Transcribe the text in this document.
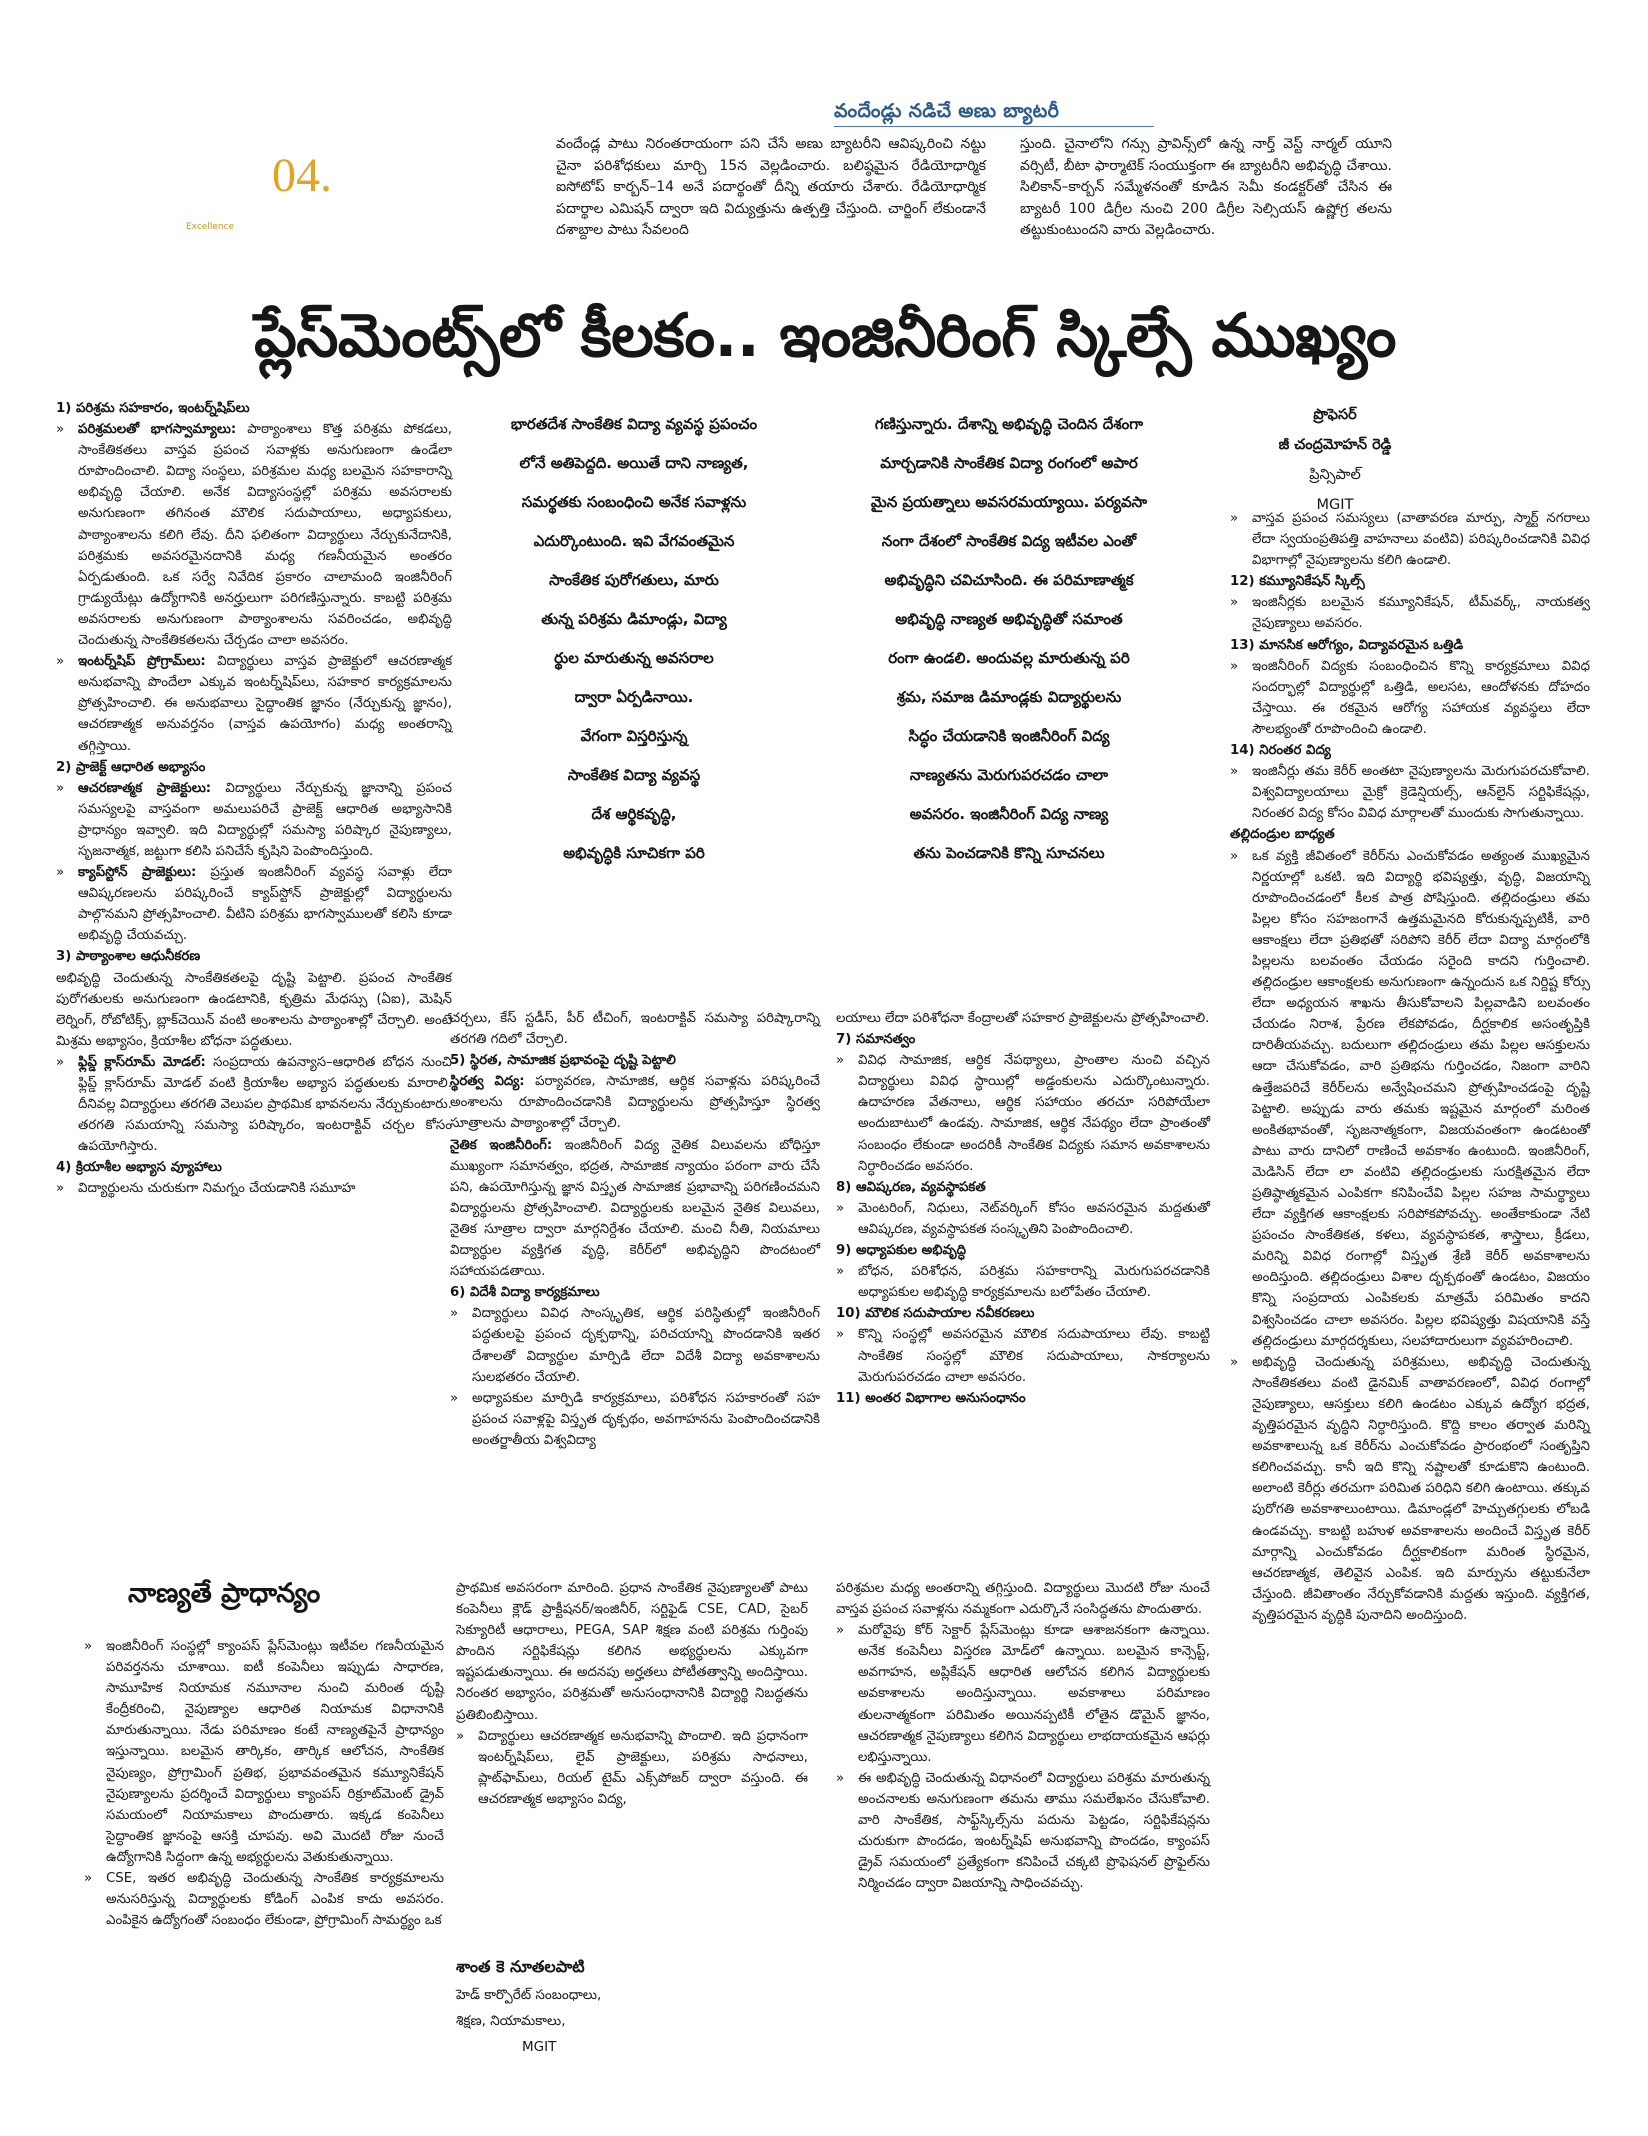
04.
Excellence
వందేండ్లు నడిచే అణు బ్యాటరీ
వందేండ్ల పాటు నిరంతరాయంగా పని చేసే అణు బ్యాటరీని ఆవిష్కరించి నట్టు చైనా పరిశోధకులు మార్చి 15న వెల్లడించారు. బలిష్ఠమైన రేడియోధార్మిక ఐసోటోప్ కార్బన్–14 అనే పదార్థంతో దీన్ని తయారు చేశారు. రేడియోధార్మిక పదార్థాల ఎమిషన్ ద్వారా ఇది విద్యుత్తును ఉత్పత్తి చేస్తుంది. చార్జింగ్ లేకుండానే దశాబ్దాల పాటు సేవలంది
స్తుంది. చైనాలోని గన్సు ప్రావిన్స్‌లో ఉన్న నార్త్ వెస్ట్ నార్మల్ యూని వర్సిటీ, బీటా ఫార్మాటెక్ సంయుక్తంగా ఈ బ్యాటరీని అభివృద్ధి చేశాయి. సిలికాన్–కార్బన్ సమ్మేళనంతో కూడిన సెమీ కండక్టర్‌తో చేసిన ఈ బ్యాటరీ 100 డిగ్రీల నుంచి 200 డిగ్రీల సెల్సియస్ ఉష్ణోగ్ర తలను తట్టుకుంటుందని వారు వెల్లడించారు.
ప్లేస్‌మెంట్స్‌లో కీలకం.. ఇంజినీరింగ్ స్కిల్సే ముఖ్యం

1) పరిశ్రమ సహకారం, ఇంటర్న్‌షిప్‌లు

»పరిశ్రమలతో భాగస్వామ్యాలు: పాఠ్యాంశాలు కొత్త పరిశ్రమ పోకడలు, సాంకేతికతలు వాస్తవ ప్రపంచ సవాళ్లకు అనుగుణంగా ఉండేలా రూపొందించాలి. విద్యా సంస్థలు, పరిశ్రమల మధ్య బలమైన సహకారాన్ని అభివృద్ధి చేయాలి. అనేక విద్యాసంస్థల్లో పరిశ్రమ అవసరాలకు అనుగుణంగా తగినంత మౌలిక సదుపాయాలు, అధ్యాపకులు, పాఠ్యాంశాలను కలిగి లేవు. దీని ఫలితంగా విద్యార్థులు నేర్చుకునేదానికి, పరిశ్రమకు అవసరమైనదానికి మధ్య గణనీయమైన అంతరం ఏర్పడుతుంది. ఒక సర్వే నివేదిక ప్రకారం చాలామంది ఇంజినీరింగ్ గ్రాడ్యుయేట్లు ఉద్యోగానికి అనర్హులుగా పరిగణిస్తున్నారు. కాబట్టి పరిశ్రమ అవసరాలకు అనుగుణంగా పాఠ్యాంశాలను సవరించడం, అభివృద్ధి చెందుతున్న సాంకేతికతలను చేర్చడం చాలా అవసరం.

»ఇంటర్న్‌షిప్ ప్రోగ్రామ్‌లు: విద్యార్థులు వాస్తవ ప్రాజెక్టులో ఆచరణాత్మక అనుభవాన్ని పొందేలా ఎక్కువ ఇంటర్న్‌షిప్‌లు, సహకార కార్యక్రమాలను ప్రోత్సహించాలి. ఈ అనుభవాలు సైద్ధాంతిక జ్ఞానం (నేర్చుకున్న జ్ఞానం), ఆచరణాత్మక అనువర్తనం (వాస్తవ ఉపయోగం) మధ్య అంతరాన్ని తగ్గిస్తాయి.

2) ప్రాజెక్ట్ ఆధారిత అభ్యాసం

»ఆచరణాత్మక ప్రాజెక్టులు: విద్యార్థులు నేర్చుకున్న జ్ఞానాన్ని ప్రపంచ సమస్యలపై వాస్తవంగా అమలుపరిచే ప్రాజెక్ట్ ఆధారిత అభ్యాసానికి ప్రాధాన్యం ఇవ్వాలి. ఇది విద్యార్థుల్లో సమస్యా పరిష్కార నైపుణ్యాలు, సృజనాత్మక, జట్టుగా కలిసి పనిచేసే కృషిని పెంపొందిస్తుంది.

»క్యాప్‌స్టోన్ ప్రాజెక్టులు: ప్రస్తుత ఇంజినీరింగ్ వ్యవస్థ సవాళ్లు లేదా ఆవిష్కరణలను పరిష్కరించే క్యాప్‌స్టోన్ ప్రాజెక్టుల్లో విద్యార్థులను పాల్గొనమని ప్రోత్సహించాలి. వీటిని పరిశ్రమ భాగస్వాములతో కలిసి కూడా అభివృద్ధి చేయవచ్చు.

3) పాఠ్యాంశాల ఆధునీకరణ

అభివృద్ధి చెందుతున్న సాంకేతికతలపై దృష్టి పెట్టాలి. ప్రపంచ సాంకేతిక పురోగతులకు అనుగుణంగా ఉండటానికి, కృత్రిమ మేధస్సు (ఏఐ), మెషిన్ లెర్నింగ్, రోబోటిక్స్, బ్లాక్‌చెయిన్ వంటి అంశాలను పాఠ్యాంశాల్లో చేర్చాలి. అంటే మిశ్రమ అభ్యాసం, క్రియాశీల బోధనా పద్ధతులు.

»ఫ్లిప్డ్ క్లాస్‌రూమ్ మోడల్: సంప్రదాయ ఉపన్యాస–ఆధారిత బోధన నుంచి ఫ్లిప్డ్ క్లాస్‌రూమ్ మోడల్ వంటి క్రియాశీల అభ్యాస పద్ధతులకు మారాలి. దీనివల్ల విద్యార్థులు తరగతి వెలుపల ప్రాథమిక భావనలను నేర్చుకుంటారు. తరగతి సమయాన్ని సమస్యా పరిష్కారం, ఇంటరాక్టివ్ చర్చల కోసం ఉపయోగిస్తారు.

4) క్రియాశీల అభ్యాస వ్యూహాలు

»విద్యార్థులను చురుకుగా నిమగ్నం చేయడానికి సమూహ

భారతదేశ సాంకేతిక విద్యా వ్యవస్థ ప్రపంచం
లోనే అతిపెద్దది. అయితే దాని నాణ్యత,
సమర్థతకు సంబంధించి అనేక సవాళ్లను
ఎదుర్కొంటుంది. ఇవి వేగవంతమైన
సాంకేతిక పురోగతులు, మారు
తున్న పరిశ్రమ డిమాండ్లు, విద్యా
ర్థుల మారుతున్న అవసరాల
ద్వారా ఏర్పడినాయి.
వేగంగా విస్తరిస్తున్న
సాంకేతిక విద్యా వ్యవస్థ
దేశ ఆర్థికవృద్ధి,
అభివృద్ధికి సూచికగా పరి
గణిస్తున్నారు. దేశాన్ని అభివృద్ధి చెందిన దేశంగా
మార్చడానికి సాంకేతిక విద్యా రంగంలో అపార
మైన ప్రయత్నాలు అవసరమయ్యాయి. పర్యవసా
నంగా దేశంలో సాంకేతిక విద్య ఇటీవల ఎంతో
అభివృద్ధిని చవిచూసింది. ఈ పరిమాణాత్మక
అభివృద్ధి నాణ్యత అభివృద్ధితో సమాంత
రంగా ఉండలి. అందువల్ల మారుతున్న పరి
శ్రమ, సమాజ డిమాండ్లకు విద్యార్థులను
సిద్ధం చేయడానికి ఇంజినీరింగ్ విద్య
నాణ్యతను మెరుగుపరచడం చాలా
అవసరం. ఇంజినీరింగ్ విద్య నాణ్య
తను పెంచడానికి కొన్ని సూచనలు
ప్రొఫెసర్
జీ చంద్రమోహన్ రెడ్డి
ప్రిన్సిపాల్
MGIT

»వాస్తవ ప్రపంచ సమస్యలు (వాతావరణ మార్పు, స్మార్ట్ నగరాలు లేదా స్వయంప్రతిపత్తి వాహనాలు వంటివి) పరిష్కరించడానికి వివిధ విభాగాల్లో నైపుణ్యాలను కలిగి ఉండాలి.

12) కమ్యూనికేషన్ స్కిల్స్

»ఇంజినీర్లకు బలమైన కమ్యూనికేషన్, టీమ్‌వర్క్, నాయకత్వ నైపుణ్యాలు అవసరం.

13) మానసిక ఆరోగ్యం, విద్యావరమైన ఒత్తిడి

»ఇంజినీరింగ్ విద్యకు సంబంధించిన కొన్ని కార్యక్రమాలు వివిధ సందర్భాల్లో విద్యార్థుల్లో ఒత్తిడి, అలసట, ఆందోళనకు దోహదం చేస్తాయి. ఈ రకమైన ఆరోగ్య సహాయక వ్యవస్థలు లేదా సౌలభ్యంతో రూపొందించి ఉండాలి.

14) నిరంతర విద్య

»ఇంజినీర్లు తమ కెరీర్ అంతటా నైపుణ్యాలను మెరుగుపరచుకోవాలి. విశ్వవిద్యాలయాలు మైక్రో క్రెడెన్షియల్స్, ఆన్‌లైన్ సర్టిఫికేషన్లు, నిరంతర విద్య కోసం వివిధ మార్గాలతో ముందుకు సాగుతున్నాయి.

తల్లిదండ్రుల బాధ్యత

»ఒక వ్యక్తి జీవితంలో కెరీర్‌ను ఎంచుకోవడం అత్యంత ముఖ్యమైన నిర్ణయాల్లో ఒకటి. ఇది విద్యార్థి భవిష్యత్తు, వృద్ధి, విజయాన్ని రూపొందించడంలో కీలక పాత్ర పోషిస్తుంది. తల్లిదండ్రులు తమ పిల్లల కోసం సహజంగానే ఉత్తమమైనది కోరుకున్నప్పటికీ, వారి ఆకాంక్షలు లేదా ప్రతిభతో సరిపోని కెరీర్ లేదా విద్యా మార్గంలోకి పిల్లలను బలవంతం చేయడం సరైంది కాదని గుర్తించాలి. తల్లిదండ్రుల ఆకాంక్షలకు అనుగుణంగా ఉన్నందున ఒక నిర్దిష్ట కోర్సు లేదా అధ్యయన శాఖను తీసుకోవాలని పిల్లవాడిని బలవంతం చేయడం నిరాశ, ప్రేరణ లేకపోవడం, దీర్ఘకాలిక అసంతృప్తికి దారితీయవచ్చు. బదులుగా తల్లిదండ్రులు తమ పిల్లల ఆసక్తులను ఆదా చేసుకోవడం, వారి ప్రతిభను గుర్తించడం, నిజంగా వారిని ఉత్తేజపరిచే కెరీర్‌లను అన్వేషించమని ప్రోత్సహించడంపై దృష్టి పెట్టాలి. అప్పుడు వారు తమకు ఇష్టమైన మార్గంలో మరింత అంకితభావంతో, సృజనాత్మకంగా, విజయవంతంగా ఉండటంతో పాటు వారు దానిలో రాణించే అవకాశం ఉంటుంది. ఇంజినీరింగ్, మెడిసిన్ లేదా లా వంటివి తల్లిదండ్రులకు సురక్షితమైన లేదా ప్రతిష్ఠాత్మకమైన ఎంపికగా కనిపించేవి పిల్లల సహజ సామర్థ్యాలు లేదా వ్యక్తిగత ఆకాంక్షలకు సరిపోకపోవచ్చు. అంతేకాకుండా నేటి ప్రపంచం సాంకేతికత, కళలు, వ్యవస్థాపకత, శాస్త్రాలు, క్రీడలు, మరిన్ని వివిధ రంగాల్లో విస్తృత శ్రేణి కెరీర్ అవకాశాలను అందిస్తుంది. తల్లిదండ్రులు విశాల దృక్పథంతో ఉండటం, విజయం కొన్ని సంప్రదాయ ఎంపికలకు మాత్రమే పరిమితం కాదని విశ్వసించడం చాలా అవసరం. పిల్లల భవిష్యత్తు విషయానికి వస్తే తల్లిదండ్రులు మార్గదర్శకులు, సలహాదారులుగా వ్యవహరించాలి.

»అభివృద్ధి చెందుతున్న పరిశ్రమలు, అభివృద్ధి చెందుతున్న సాంకేతికతలు వంటి డైనమిక్ వాతావరణంలో, వివిధ రంగాల్లో నైపుణ్యాలు, ఆసక్తులు కలిగి ఉండటం ఎక్కువ ఉద్యోగ భద్రత, వృత్తిపరమైన వృద్ధిని నిర్ధారిస్తుంది. కొద్ది కాలం తర్వాత మరిన్ని అవకాశాలున్న ఒక కెరీర్‌ను ఎంచుకోవడం ప్రారంభంలో సంతృప్తిని కలిగించవచ్చు. కానీ ఇది కొన్ని నష్టాలతో కూడుకొని ఉంటుంది. అలాంటి కెరీర్లు తరచుగా పరిమిత పరిధిని కలిగి ఉంటాయి. తక్కువ పురోగతి అవకాశాలుంటాయి. డిమాండ్లలో హెచ్చుతగ్గులకు లోబడి ఉండవచ్చు. కాబట్టి బహుళ అవకాశాలను అందించే విస్తృత కెరీర్ మార్గాన్ని ఎంచుకోవడం దీర్ఘకాలికంగా మరింత స్థిరమైన, ఆచరణాత్మక, తెలివైన ఎంపిక. ఇది మార్పును తట్టుకునేలా చేస్తుంది. జీవితాంతం నేర్చుకోవడానికి మద్దతు ఇస్తుంది. వ్యక్తిగత, వృత్తిపరమైన వృద్ధికి పునాదిని అందిస్తుంది.

చర్చలు, కేస్ స్టడీస్, పీర్ టీచింగ్, ఇంటరాక్టివ్ సమస్యా పరిష్కారాన్ని తరగతి గదిలో చేర్చాలి.

5) స్థిరత, సామాజిక ప్రభావంపై దృష్టి పెట్టాలి

స్థిరత్వ విద్య: పర్యావరణ, సామాజిక, ఆర్థిక సవాళ్లను పరిష్కరించే అంశాలను రూపొందించడానికి విద్యార్థులను ప్రోత్సహిస్తూ స్థిరత్వ సూత్రాలను పాఠ్యాంశాల్లో చేర్చాలి.

నైతిక ఇంజినీరింగ్: ఇంజినీరింగ్ విద్య నైతిక విలువలను బోధిస్తూ ముఖ్యంగా సమానత్వం, భద్రత, సామాజిక న్యాయం పరంగా వారు చేసే పని, ఉపయోగిస్తున్న జ్ఞాన విస్తృత సామాజిక ప్రభావాన్ని పరిగణించమని విద్యార్థులను ప్రోత్సహించాలి. విద్యార్థులకు బలమైన నైతిక విలువలు, నైతిక సూత్రాల ద్వారా మార్గనిర్దేశం చేయాలి. మంచి నీతి, నియమాలు విద్యార్థుల వ్యక్తిగత వృద్ధి, కెరీర్‌లో అభివృద్ధిని పొందటంలో సహాయపడతాయి.

6) విదేశీ విద్యా కార్యక్రమాలు

»విద్యార్థులు వివిధ సాంస్కృతిక, ఆర్థిక పరిస్థితుల్లో ఇంజినీరింగ్ పద్ధతులపై ప్రపంచ దృక్పథాన్ని, పరిచయాన్ని పొందడానికి ఇతర దేశాలతో విద్యార్థుల మార్పిడి లేదా విదేశీ విద్యా అవకాశాలను సులభతరం చేయాలి.

»అధ్యాపకుల మార్పిడి కార్యక్రమాలు, పరిశోధన సహకారంతో సహ ప్రపంచ సవాళ్లపై విస్తృత దృక్పథం, అవగాహనను పెంపొందించడానికి అంతర్జాతీయ విశ్వవిద్యా

లయాలు లేదా పరిశోధనా కేంద్రాలతో సహకార ప్రాజెక్టులను ప్రోత్సహించాలి.

7) సమానత్వం

»వివిధ సామాజిక, ఆర్థిక నేపథ్యాలు, ప్రాంతాల నుంచి వచ్చిన విద్యార్థులు వివిధ స్థాయిల్లో అడ్డంకులను ఎదుర్కొంటున్నారు. ఉదాహరణ వేతనాలు, ఆర్థిక సహాయం తరచూ సరిపోయేలా అందుబాటులో ఉండవు. సామాజిక, ఆర్థిక నేపథ్యం లేదా ప్రాంతంతో సంబంధం లేకుండా అందరికీ సాంకేతిక విద్యకు సమాన అవకాశాలను నిర్ధారించడం అవసరం.

8) ఆవిష్కరణ, వ్యవస్థాపకత

»మెంటరింగ్, నిధులు, నెట్‌వర్కింగ్ కోసం అవసరమైన మద్దతుతో ఆవిష్కరణ, వ్యవస్థాపకత సంస్కృతిని పెంపొందించాలి.

9) అధ్యాపకుల అభివృద్ధి

»బోధన, పరిశోధన, పరిశ్రమ సహకారాన్ని మెరుగుపరచడానికి అధ్యాపకుల అభివృద్ధి కార్యక్రమాలను బలోపేతం చేయాలి.

10) మౌలిక సదుపాయాల నవీకరణలు

»కొన్ని సంస్థల్లో అవసరమైన మౌలిక సదుపాయాలు లేవు. కాబట్టి సాంకేతిక సంస్థల్లో మౌలిక సదుపాయాలు, సాకర్యాలను మెరుగుపరచడం చాలా అవసరం.

11) అంతర విభాగాల అనుసంధానం

నాణ్యతే ప్రాధాన్యం

»ఇంజినీరింగ్ సంస్థల్లో క్యాంపస్ ప్లేస్‌మెంట్లు ఇటీవల గణనీయమైన పరివర్తనను చూశాయి. ఐటీ కంపెనీలు ఇప్పుడు సాధారణ, సామూహిక నియామక నమూనాల నుంచి మరింత దృష్టి కేంద్రీకరించి, నైపుణ్యాల ఆధారిత నియామక విధానానికి మారుతున్నాయి. నేడు పరిమాణం కంటే నాణ్యతపైనే ప్రాధాన్యం ఇస్తున్నాయి. బలమైన తార్కికం, తార్కిక ఆలోచన, సాంకేతిక నైపుణ్యం, ప్రోగ్రామింగ్ ప్రతిభ, ప్రభావవంతమైన కమ్యూనికేషన్ నైపుణ్యాలను ప్రదర్శించే విద్యార్థులు క్యాంపస్ రిక్రూట్‌మెంట్ డ్రైవ్ సమయంలో నియామకాలు పొందుతారు. ఇక్కడ కంపెనీలు సైద్ధాంతిక జ్ఞానంపై ఆసక్తి చూపవు. అవి మొదటి రోజు నుంచే ఉద్యోగానికి సిద్ధంగా ఉన్న అభ్యర్థులను వెతుకుతున్నాయి.

»CSE, ఇతర అభివృద్ధి చెందుతున్న సాంకేతిక కార్యక్రమాలను అనుసరిస్తున్న విద్యార్థులకు కోడింగ్ ఎంపిక కాదు అవసరం. ఎంపికైన ఉద్యోగంతో సంబంధం లేకుండా, ప్రోగ్రామింగ్ సామర్థ్యం ఒక

ప్రాథమిక అవసరంగా మారింది. ప్రధాన సాంకేతిక నైపుణ్యాలతో పాటు కంపెనీలు క్లౌడ్ ప్రాక్టీషనర్/ఇంజినీర్, సర్టిఫైడ్ CSE, CAD, సైబర్ సెక్యూరిటీ ఆధారాలు, PEGA, SAP శిక్షణ వంటి పరిశ్రమ గుర్తింపు పొందిన సర్టిఫికేషన్లు కలిగిన అభ్యర్థులను ఎక్కువగా ఇష్టపడుతున్నాయి. ఈ అదనపు అర్హతలు పోటీతత్వాన్ని అందిస్తాయి. నిరంతర అభ్యాసం, పరిశ్రమతో అనుసంధానానికి విద్యార్థి నిబద్ధతను ప్రతిబింబిస్తాయి.

»విద్యార్థులు ఆచరణాత్మక అనుభవాన్ని పొందాలి. ఇది ప్రధానంగా ఇంటర్న్‌షిప్‌లు, లైవ్ ప్రాజెక్టులు, పరిశ్రమ సాధనాలు, ప్లాట్‌ఫామ్‌లు, రియల్ టైమ్ ఎక్స్‌పోజర్ ద్వారా వస్తుంది. ఈ ఆచరణాత్మక అభ్యాసం విద్య,

శాంత కె నూతలపాటి
హెడ్ కార్పొరేట్ సంబంధాలు,
శిక్షణ, నియామకాలు,
MGIT

పరిశ్రమల మధ్య అంతరాన్ని తగ్గిస్తుంది. విద్యార్థులు మొదటి రోజు నుంచే వాస్తవ ప్రపంచ సవాళ్లను నమ్మకంగా ఎదుర్కొనే సంసిద్ధతను పొందుతారు.

»మరోవైపు కోర్ సెక్టార్ ప్లేస్‌మెంట్లు కూడా ఆశాజనకంగా ఉన్నాయి. అనేక కంపెనీలు విస్తరణ మోడ్‌లో ఉన్నాయి. బలమైన కాన్సెప్ట్, అవగాహన, అప్లికేషన్ ఆధారిత ఆలోచన కలిగిన విద్యార్థులకు అవకాశాలను అందిస్తున్నాయి. అవకాశాలు పరిమాణం తులనాత్మకంగా పరిమితం అయినప్పటికీ లోతైన డొమైన్ జ్ఞానం, ఆచరణాత్మక నైపుణ్యాలు కలిగిన విద్యార్థులు లాభదాయకమైన ఆఫర్లు లభిస్తున్నాయి.

»ఈ అభివృద్ధి చెందుతున్న విధానంలో విద్యార్థులు పరిశ్రమ మారుతున్న అంచనాలకు అనుగుణంగా తమను తాము సమలేఖనం చేసుకోవాలి. వారి సాంకేతిక, సాఫ్ట్‌స్కిల్స్‌ను పదును పెట్టడం, సర్టిఫికేషన్లను చురుకుగా పొందడం, ఇంటర్న్‌షిప్ అనుభవాన్ని పొందడం, క్యాంపస్ డ్రైవ్ సమయంలో ప్రత్యేకంగా కనిపించే చక్కటి ప్రొఫెషనల్ ప్రొఫైల్‌ను నిర్మించడం ద్వారా విజయాన్ని సాధించవచ్చు.
